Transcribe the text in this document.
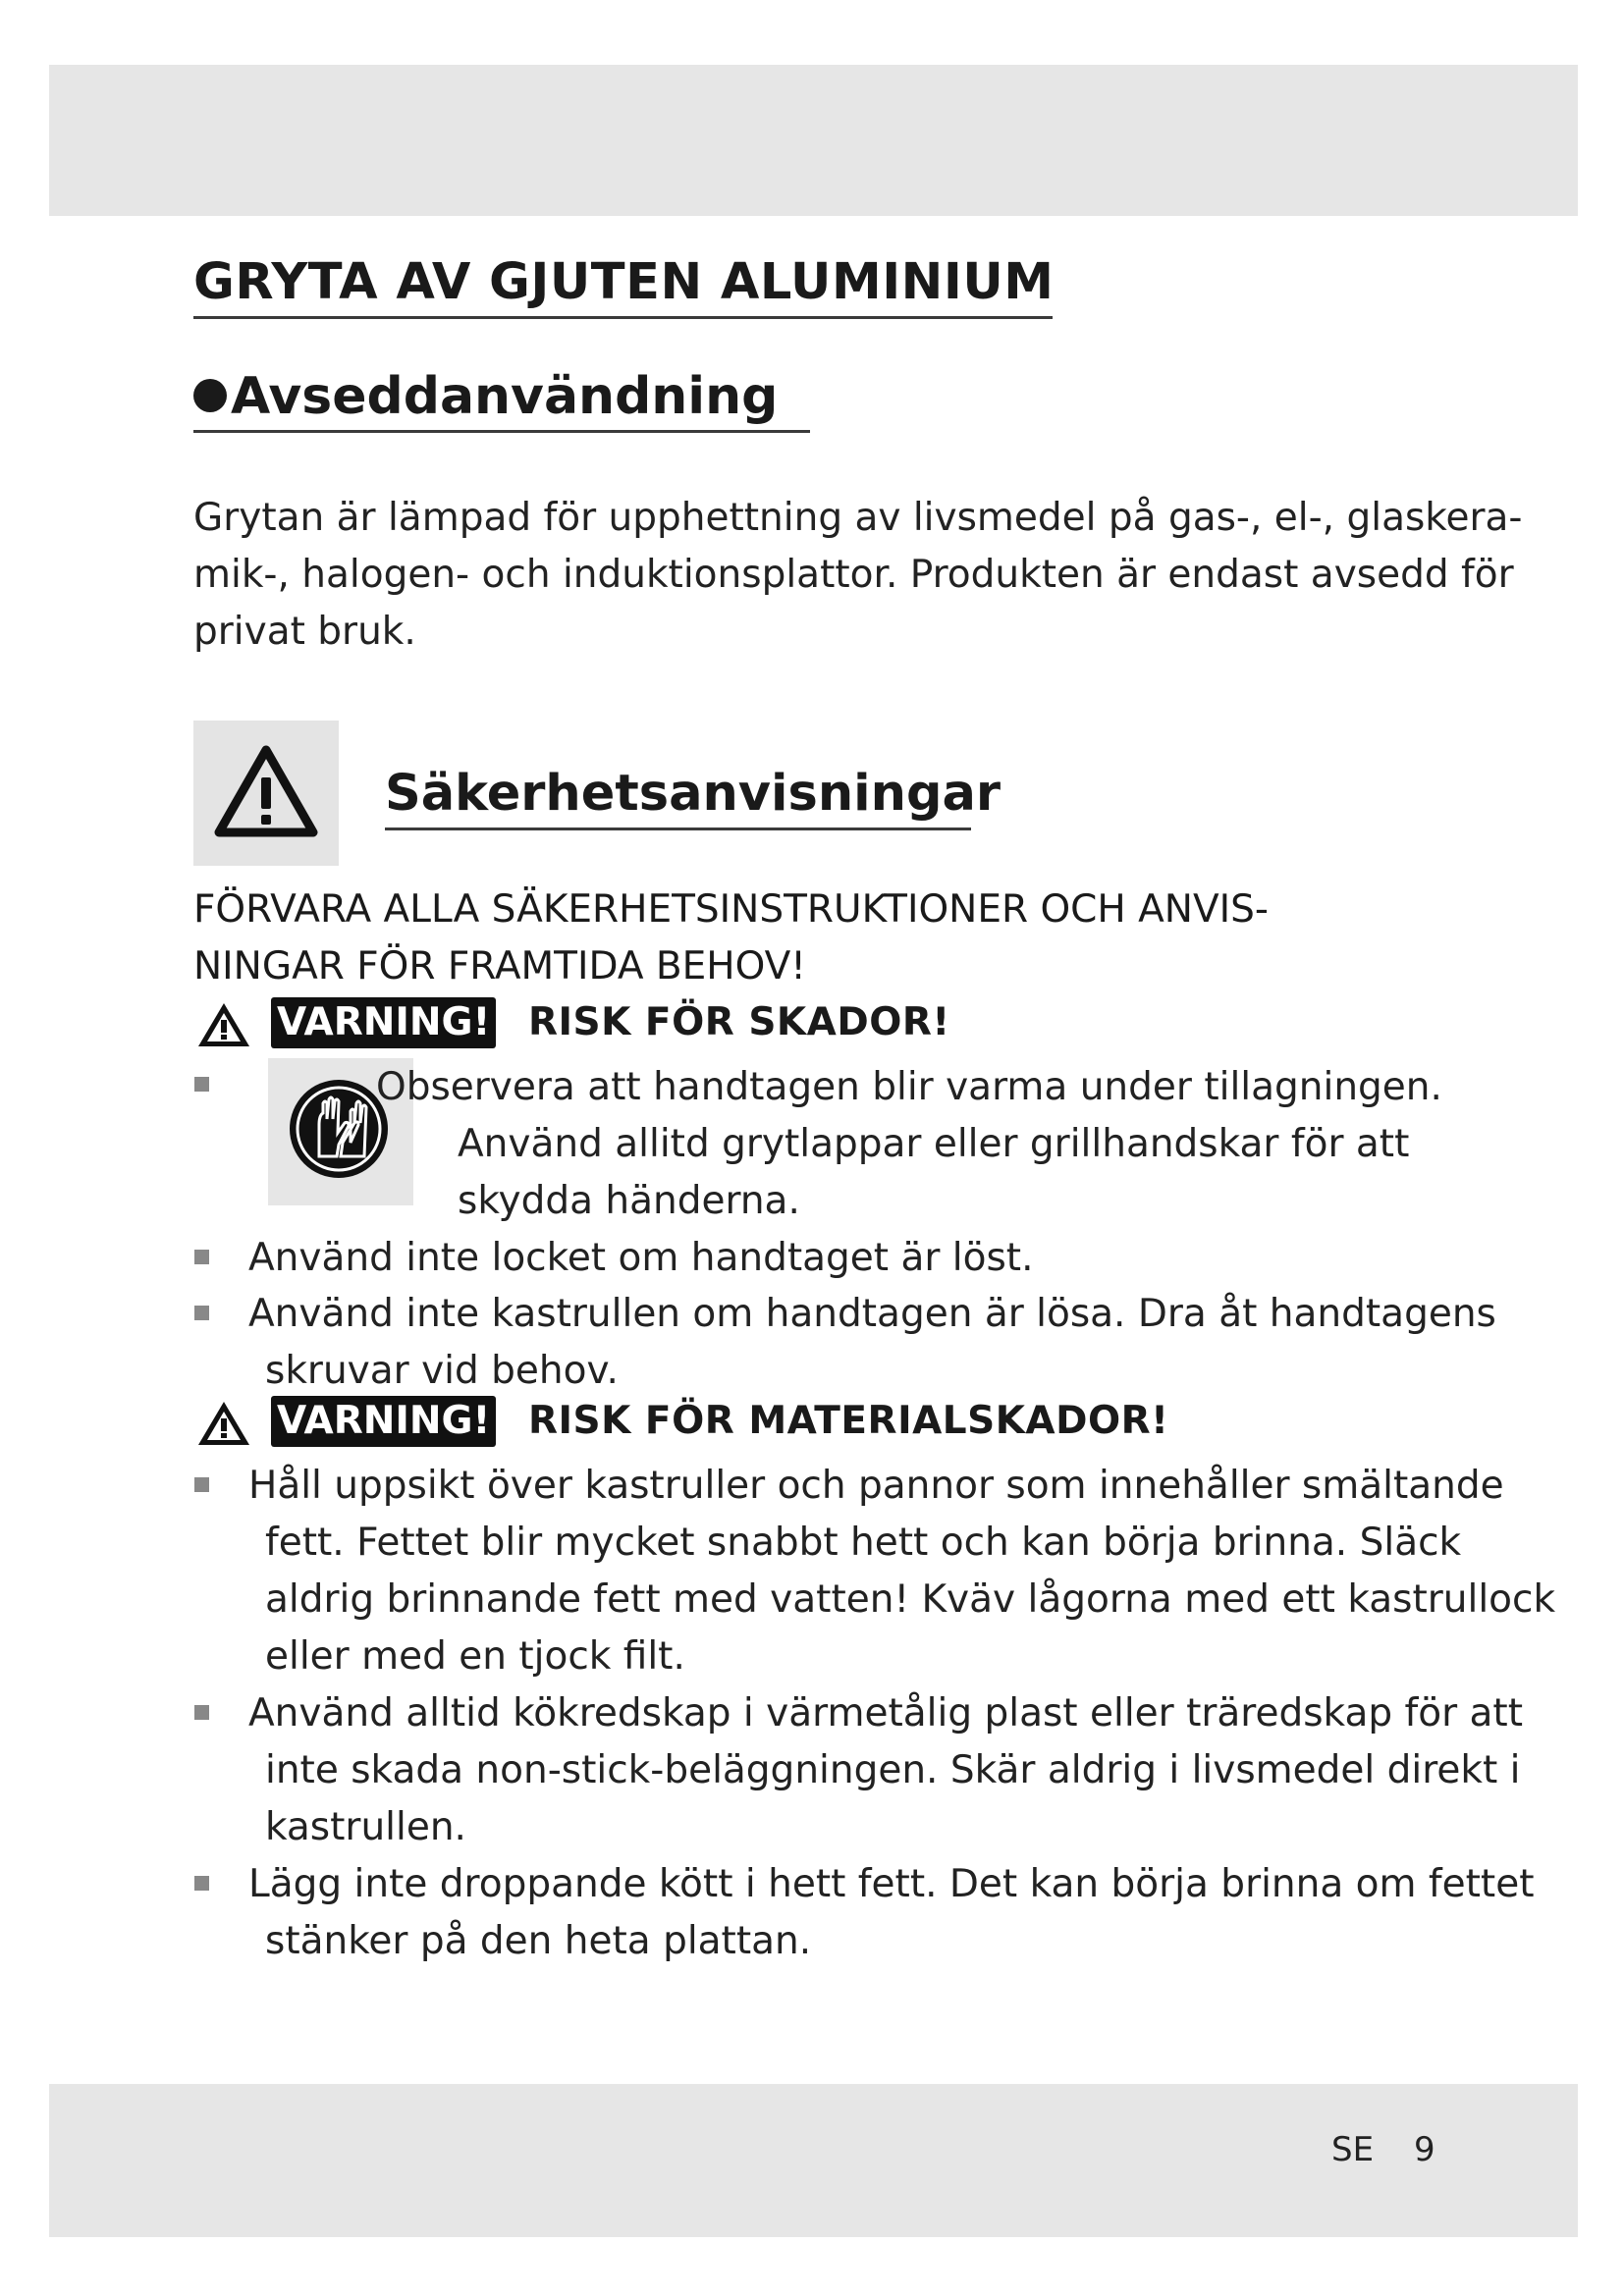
GRYTA AV GJUTEN ALUMINIUM
Avseddanvändning

Grytan är lämpad för upphettning av livsmedel på gas-, el-, glaskera-

mik-, halogen- och induktionsplattor. Produkten är endast avsedd för

privat bruk.

Säkerhetsanvisningar

FÖRVARA ALLA SÄKERHETSINSTRUKTIONER OCH ANVIS-

NINGAR FÖR FRAMTIDA BEHOV!

VARNING! RISK FÖR SKADOR!
Observera att handtagen blir varma under tillagningen.
Använd allitd grytlappar eller grillhandskar för att
skydda händerna.
Använd inte locket om handtaget är löst.
Använd inte kastrullen om handtagen är lösa. Dra åt handtagens
skruvar vid behov.
VARNING! RISK FÖR MATERIALSKADOR!
Håll uppsikt över kastruller och pannor som innehåller smältande
fett. Fettet blir mycket snabbt hett och kan börja brinna. Släck
aldrig brinnande fett med vatten! Kväv lågorna med ett kastrullock
eller med en tjock filt.
Använd alltid kökredskap i värmetålig plast eller träredskap för att
inte skada non-stick-beläggningen. Skär aldrig i livsmedel direkt i
kastrullen.
Lägg inte droppande kött i hett fett. Det kan börja brinna om fettet
stänker på den heta plattan.
SE 9
